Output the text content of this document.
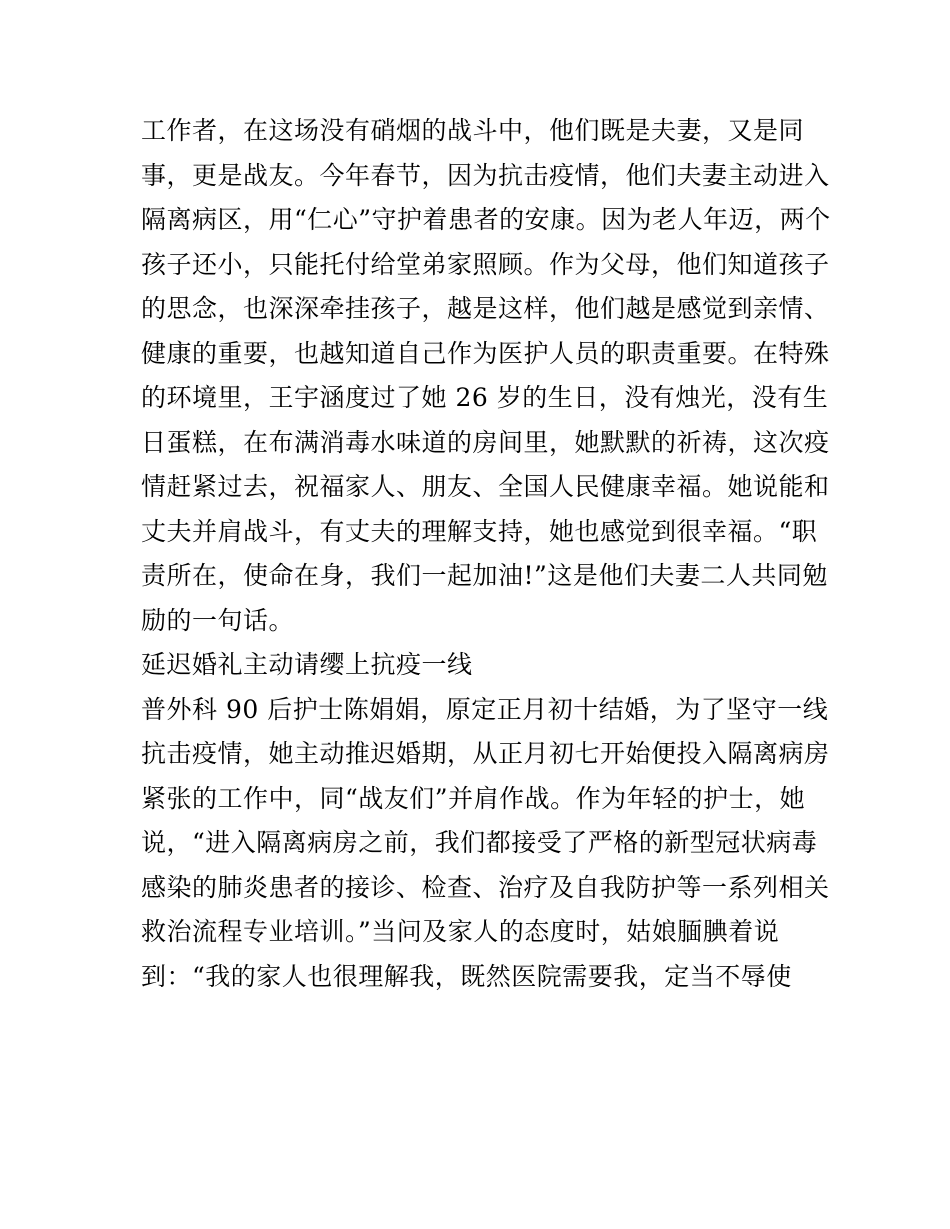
工作者，在这场没有硝烟的战斗中，他们既是夫妻，又是同
事，更是战友。今年春节，因为抗击疫情，他们夫妻主动进入
隔离病区，用“仁心”守护着患者的安康。因为老人年迈，两个
孩子还小，只能托付给堂弟家照顾。作为父母，他们知道孩子
的思念，也深深牵挂孩子，越是这样，他们越是感觉到亲情、
健康的重要，也越知道自己作为医护人员的职责重要。在特殊
的环境里，王宇涵度过了她 26 岁的生日，没有烛光，没有生
日蛋糕，在布满消毒水味道的房间里，她默默的祈祷，这次疫
情赶紧过去，祝福家人、朋友、全国人民健康幸福。她说能和
丈夫并肩战斗，有丈夫的理解支持，她也感觉到很幸福。“职
责所在，使命在身，我们一起加油!”这是他们夫妻二人共同勉
励的一句话。
延迟婚礼主动请缨上抗疫一线
普外科 90 后护士陈娟娟，原定正月初十结婚，为了坚守一线
抗击疫情，她主动推迟婚期，从正月初七开始便投入隔离病房
紧张的工作中，同“战友们”并肩作战。作为年轻的护士，她
说，“进入隔离病房之前，我们都接受了严格的新型冠状病毒
感染的肺炎患者的接诊、检查、治疗及自我防护等一系列相关
救治流程专业培训。”当问及家人的态度时，姑娘腼腆着说
到：“我的家人也很理解我，既然医院需要我，定当不辱使
